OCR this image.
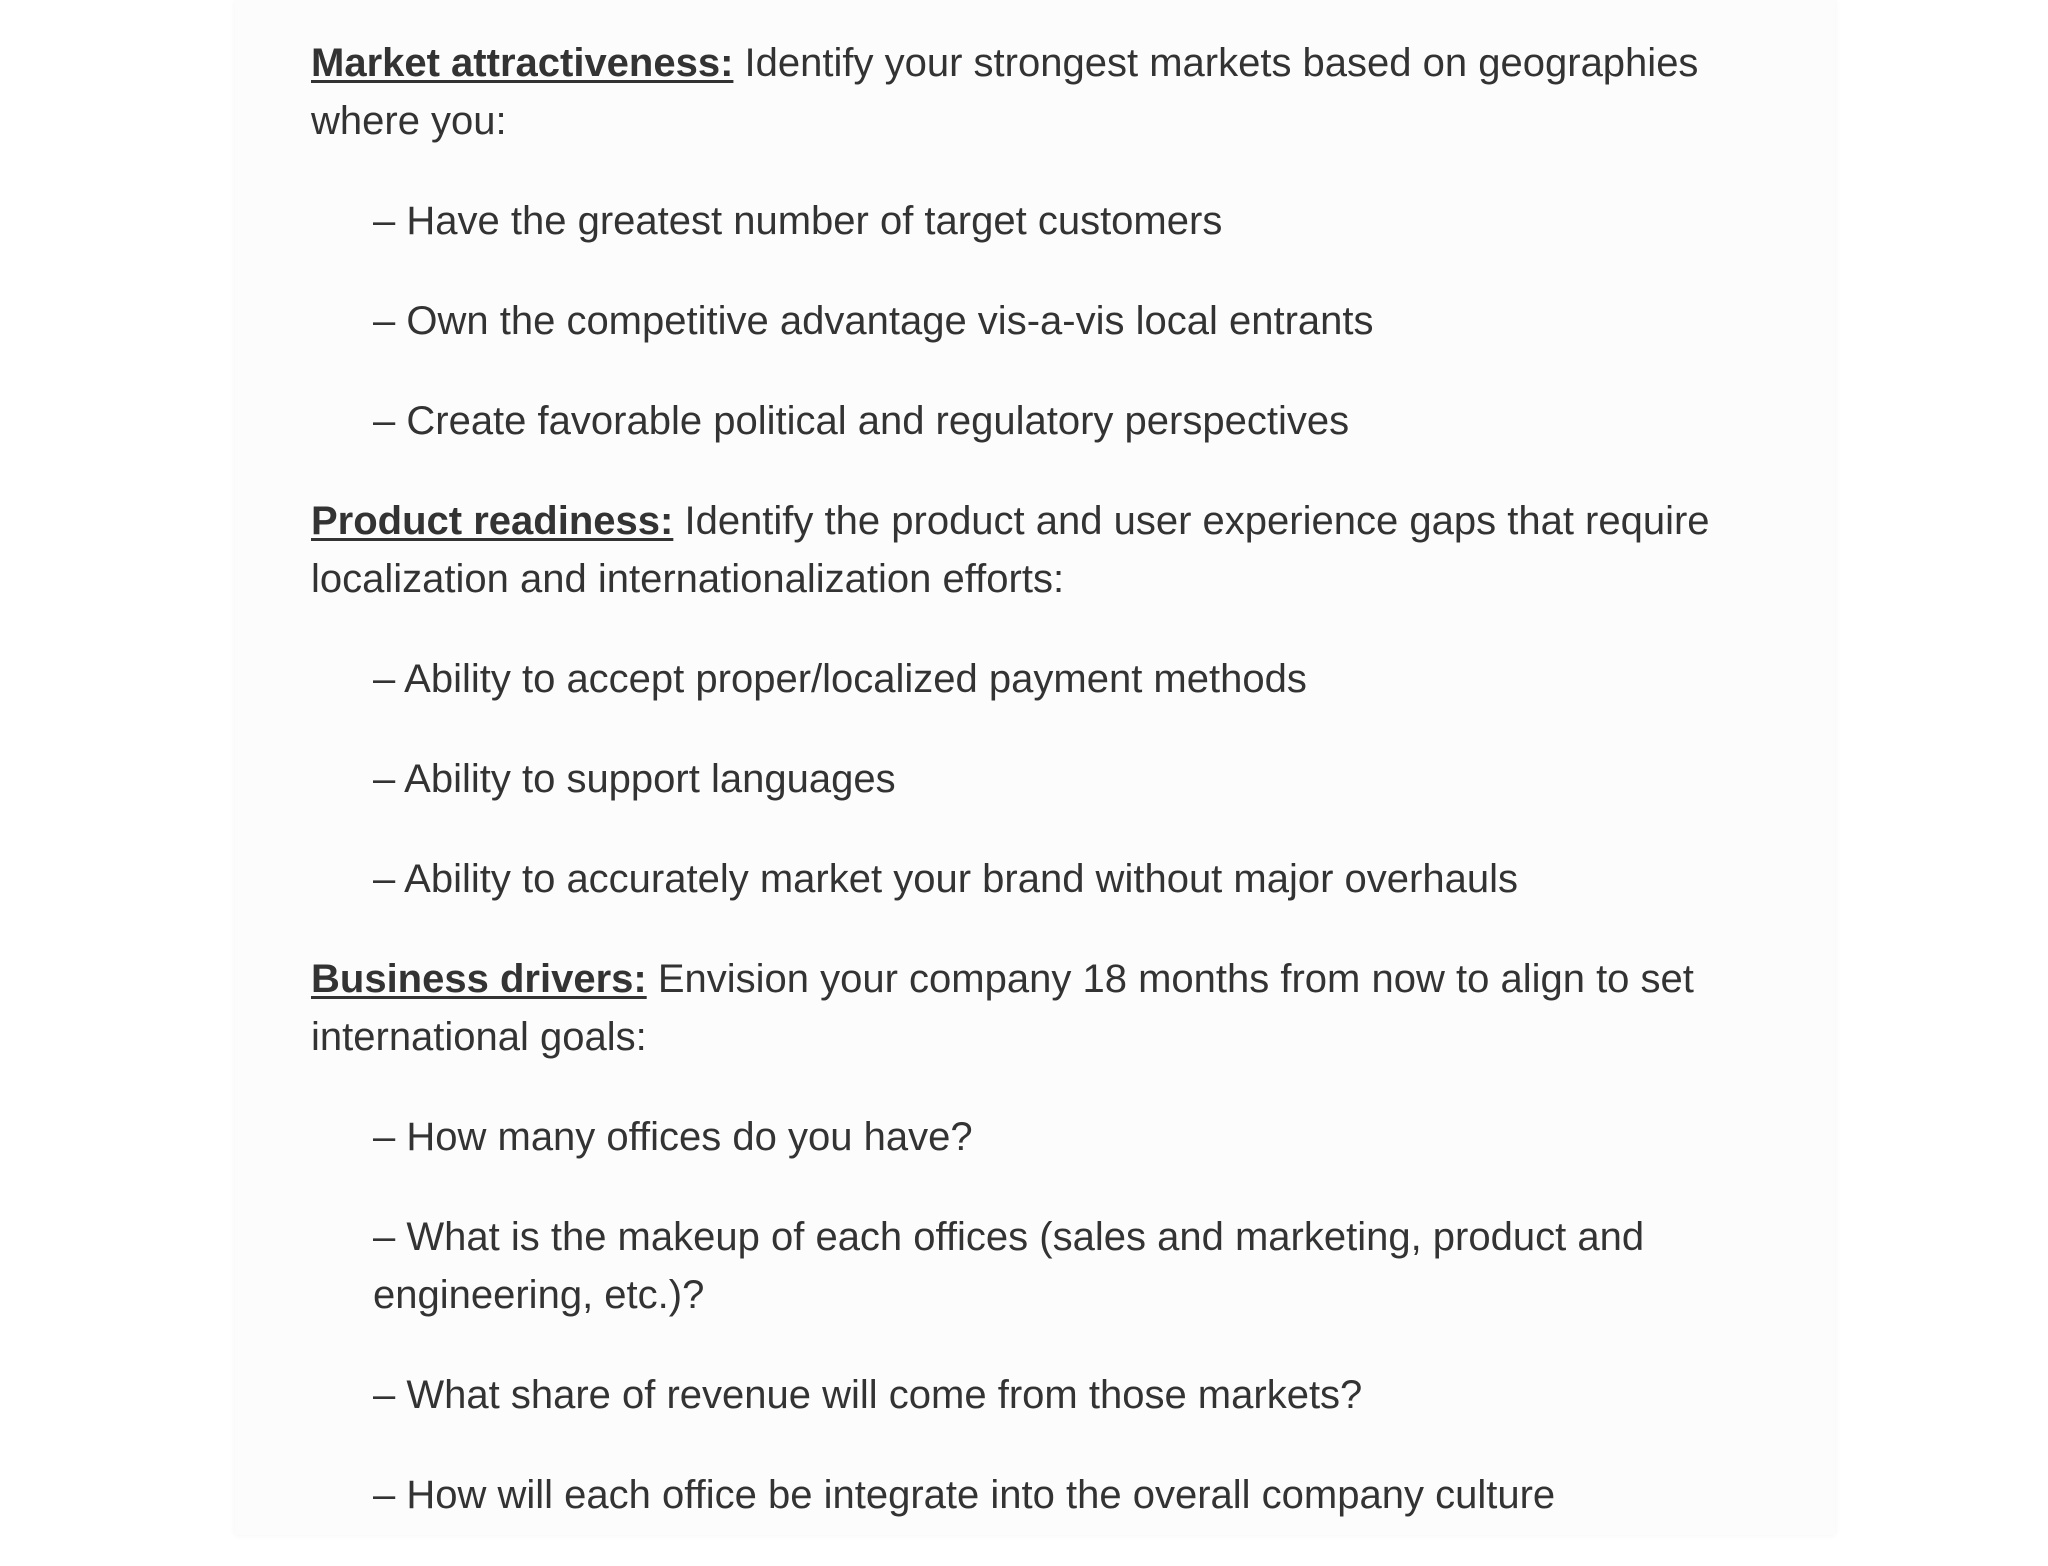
Market attractiveness: Identify your strongest markets based on geographies where you:

– Have the greatest number of target customers
– Own the competitive advantage vis-a-vis local entrants
– Create favorable political and regulatory perspectives

Product readiness: Identify the product and user experience gaps that require localization and internationalization efforts:

– Ability to accept proper/localized payment methods
– Ability to support languages
– Ability to accurately market your brand without major overhauls

Business drivers: Envision your company 18 months from now to align to set international goals:

– How many offices do you have?
– What is the makeup of each offices (sales and marketing, product and engineering, etc.)?
– What share of revenue will come from those markets?
– How will each office be integrate into the overall company culture
